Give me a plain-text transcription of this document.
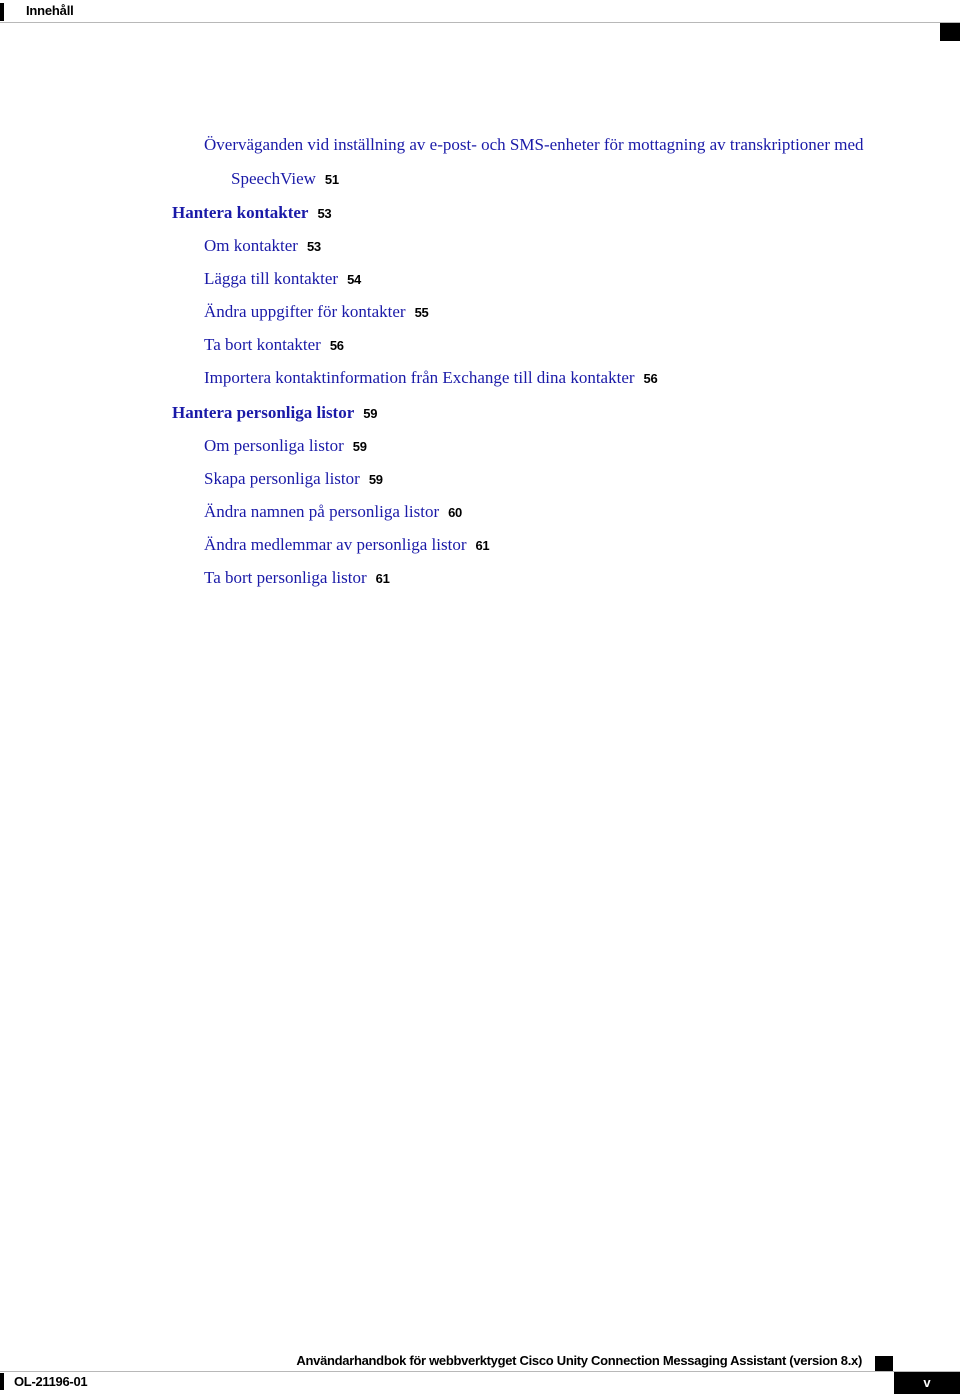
Innehåll
Överväganden vid inställning av e-post- och SMS-enheter för mottagning av transkriptioner med
SpeechView 51
Hantera kontakter 53
Om kontakter 53
Lägga till kontakter 54
Ändra uppgifter för kontakter 55
Ta bort kontakter 56
Importera kontaktinformation från Exchange till dina kontakter 56
Hantera personliga listor 59
Om personliga listor 59
Skapa personliga listor 59
Ändra namnen på personliga listor 60
Ändra medlemmar av personliga listor 61
Ta bort personliga listor 61
Användarhandbok för webbverktyget Cisco Unity Connection Messaging Assistant (version 8.x)
OL-21196-01	v
